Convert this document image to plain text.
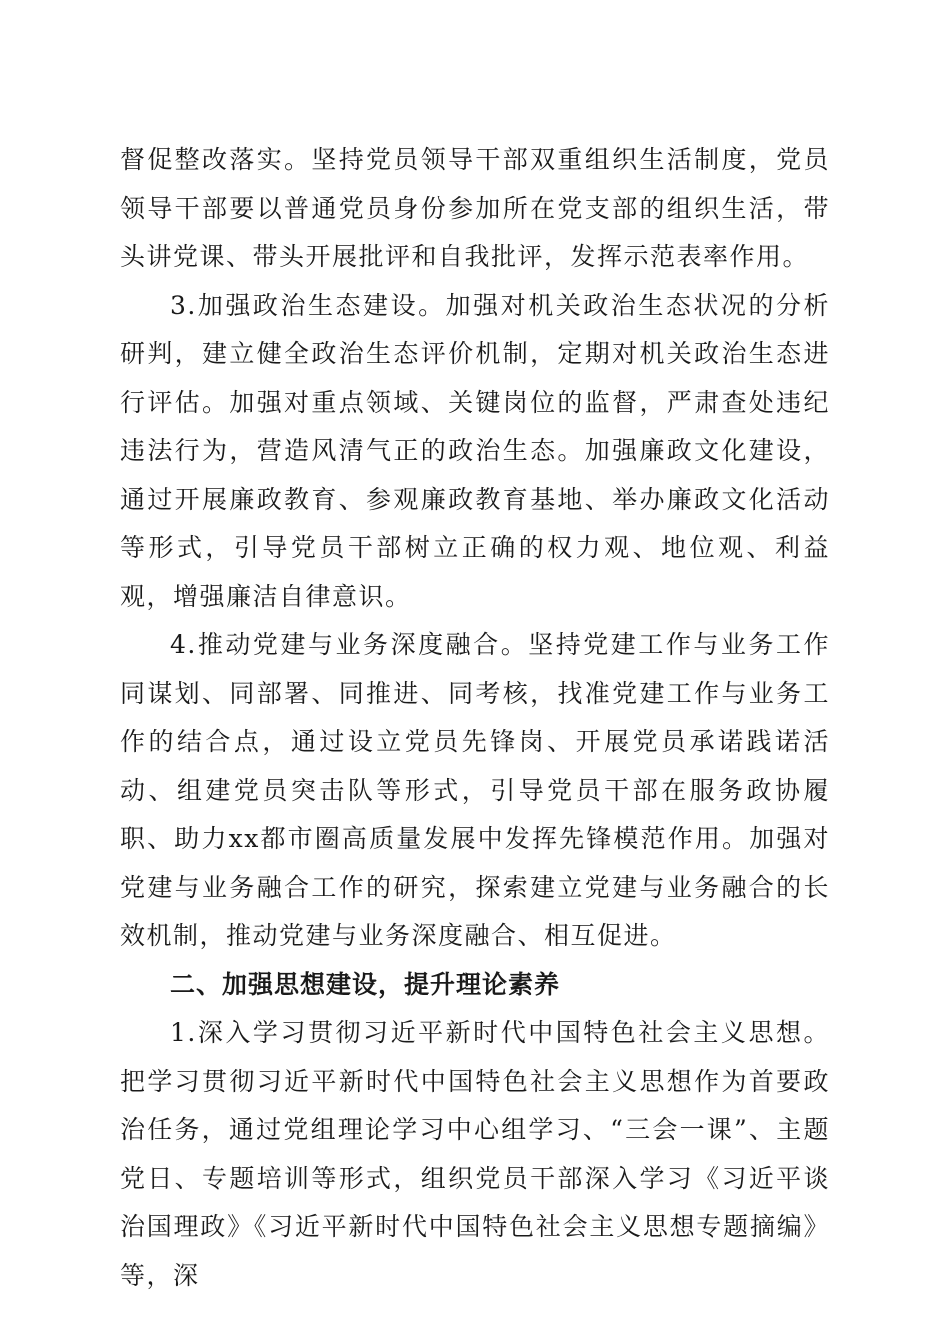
督促整改落实。坚持党员领导干部双重组织生活制度，党员领导干部要以普通党员身份参加所在党支部的组织生活，带头讲党课、带头开展批评和自我批评，发挥示范表率作用。

3.加强政治生态建设。加强对机关政治生态状况的分析研判，建立健全政治生态评价机制，定期对机关政治生态进行评估。加强对重点领域、关键岗位的监督，严肃查处违纪违法行为，营造风清气正的政治生态。加强廉政文化建设，通过开展廉政教育、参观廉政教育基地、举办廉政文化活动等形式，引导党员干部树立正确的权力观、地位观、利益观，增强廉洁自律意识。

4.推动党建与业务深度融合。坚持党建工作与业务工作同谋划、同部署、同推进、同考核，找准党建工作与业务工作的结合点，通过设立党员先锋岗、开展党员承诺践诺活动、组建党员突击队等形式，引导党员干部在服务政协履职、助力xx都市圈高质量发展中发挥先锋模范作用。加强对党建与业务融合工作的研究，探索建立党建与业务融合的长效机制，推动党建与业务深度融合、相互促进。

二、加强思想建设，提升理论素养

1.深入学习贯彻习近平新时代中国特色社会主义思想。把学习贯彻习近平新时代中国特色社会主义思想作为首要政治任务，通过党组理论学习中心组学习、“三会一课”、主题党日、专题培训等形式，组织党员干部深入学习《习近平谈治国理政》《习近平新时代中国特色社会主义思想专题摘编》等，深
